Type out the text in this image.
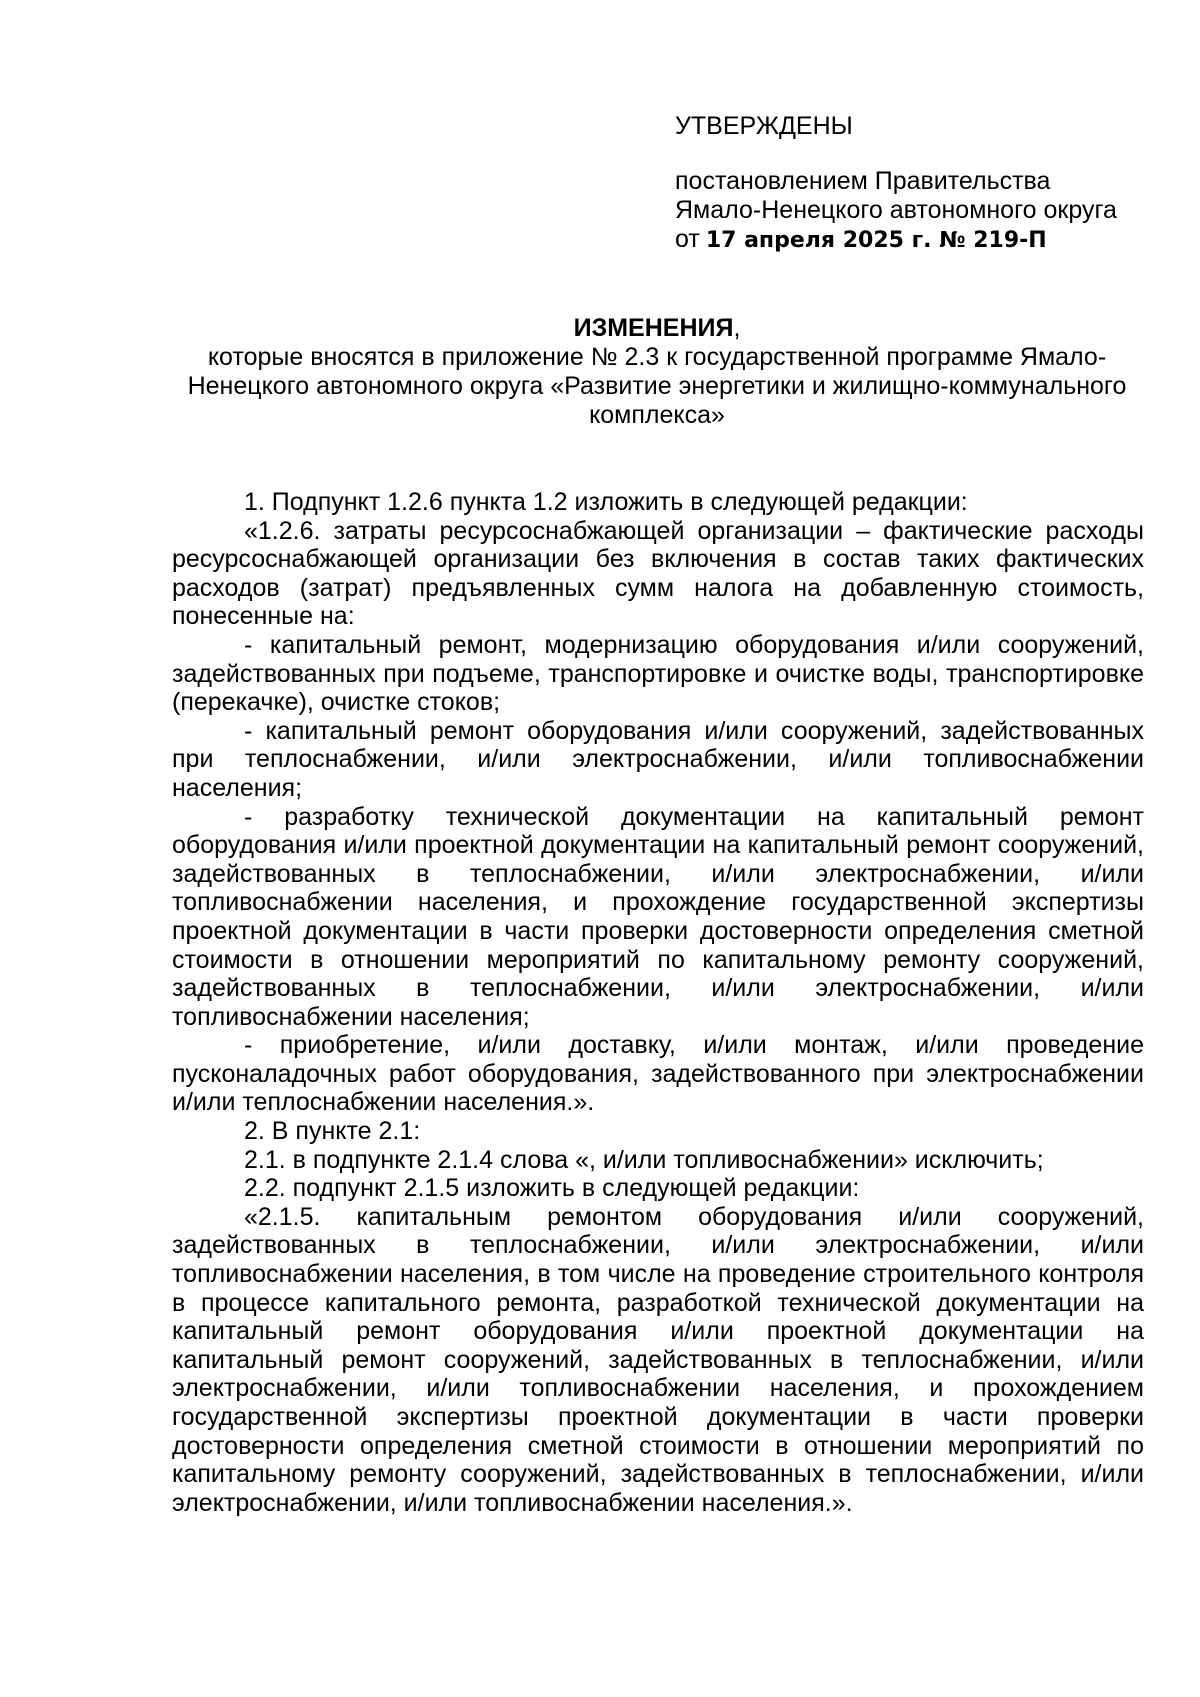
УТВЕРЖДЕНЫ
постановлением Правительства
Ямало-Ненецкого автономного округа
от 17 апреля 2025 г. № 219-П
ИЗМЕНЕНИЯ,
которые вносятся в приложение № 2.3 к государственной программе Ямало-Ненецкого автономного округа «Развитие энергетики и жилищно-коммунального комплекса»

1. Подпункт 1.2.6 пункта 1.2 изложить в следующей редакции:

«1.2.6. затраты ресурсоснабжающей организации – фактические расходы ресурсоснабжающей организации без включения в состав таких фактических расходов (затрат) предъявленных сумм налога на добавленную стоимость, понесенные на:

- капитальный ремонт, модернизацию оборудования и/или сооружений, задействованных при подъеме, транспортировке и очистке воды, транспортировке (перекачке), очистке стоков;

- капитальный ремонт оборудования и/или сооружений, задействованных при теплоснабжении, и/или электроснабжении, и/или топливоснабжении населения;

- разработку технической документации на капитальный ремонт оборудования и/или проектной документации на капитальный ремонт сооружений, задействованных в теплоснабжении, и/или электроснабжении, и/или топливоснабжении населения, и прохождение государственной экспертизы проектной документации в части проверки достоверности определения сметной стоимости в отношении мероприятий по капитальному ремонту сооружений, задействованных в теплоснабжении, и/или электроснабжении, и/или топливоснабжении населения;

- приобретение, и/или доставку, и/или монтаж, и/или проведение пусконаладочных работ оборудования, задействованного при электроснабжении и/или теплоснабжении населения.».

2. В пункте 2.1:

2.1. в подпункте 2.1.4 слова «, и/или топливоснабжении» исключить;

2.2. подпункт 2.1.5 изложить в следующей редакции:

«2.1.5. капитальным ремонтом оборудования и/или сооружений, задействованных в теплоснабжении, и/или электроснабжении, и/или топливоснабжении населения, в том числе на проведение строительного контроля в процессе капитального ремонта, разработкой технической документации на капитальный ремонт оборудования и/или проектной документации на капитальный ремонт сооружений, задействованных в теплоснабжении, и/или электроснабжении, и/или топливоснабжении населения, и прохождением государственной экспертизы проектной документации в части проверки достоверности определения сметной стоимости в отношении мероприятий по капитальному ремонту сооружений, задействованных в теплоснабжении, и/или электроснабжении, и/или топливоснабжении населения.».
